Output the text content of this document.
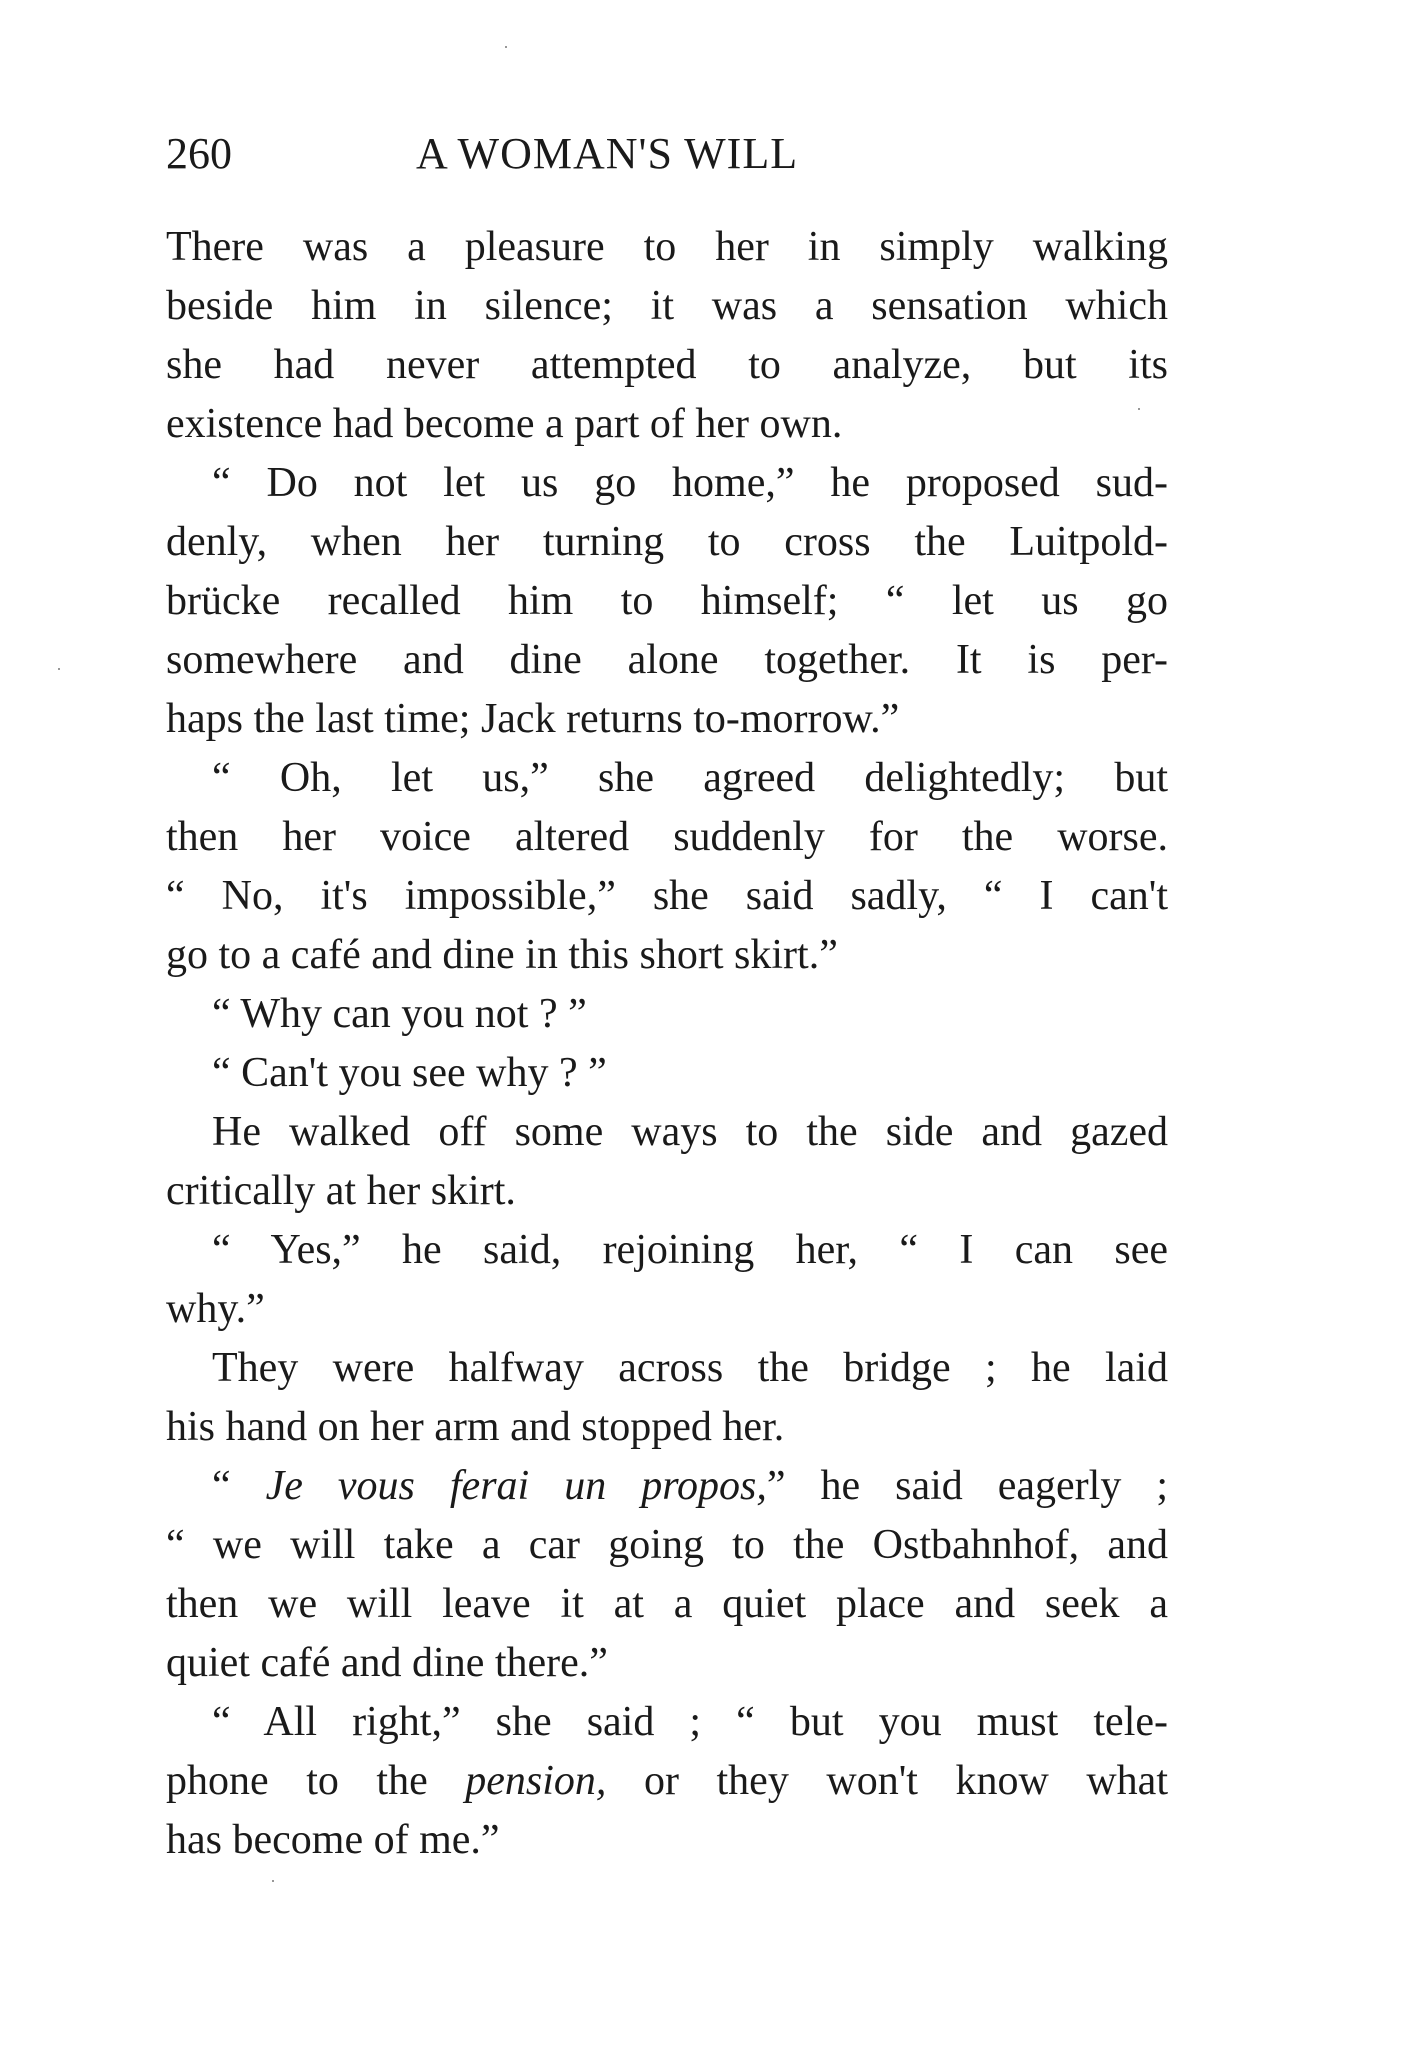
260	A WOMAN'S WILL
There was a pleasure to her in simply walking
beside him in silence; it was a sensation which
she had never attempted to analyze, but its
existence had become a part of her own.
“ Do not let us go home,” he proposed sud-
denly, when her turning to cross the Luitpold-
brücke recalled him to himself; “ let us go
somewhere and dine alone together. It is per-
haps the last time; Jack returns to-morrow.”
“ Oh, let us,” she agreed delightedly; but
then her voice altered suddenly for the worse.
“ No, it's impossible,” she said sadly, “ I can't
go to a café and dine in this short skirt.”
“ Why can you not ? ”
“ Can't you see why ? ”
He walked off some ways to the side and gazed
critically at her skirt.
“ Yes,” he said, rejoining her, “ I can see
why.”
They were halfway across the bridge ; he laid
his hand on her arm and stopped her.
“ Je vous ferai un propos,” he said eagerly ;
“ we will take a car going to the Ostbahnhof, and
then we will leave it at a quiet place and seek a
quiet café and dine there.”
“ All right,” she said ; “ but you must tele-
phone to the pension, or they won't know what
has become of me.”
